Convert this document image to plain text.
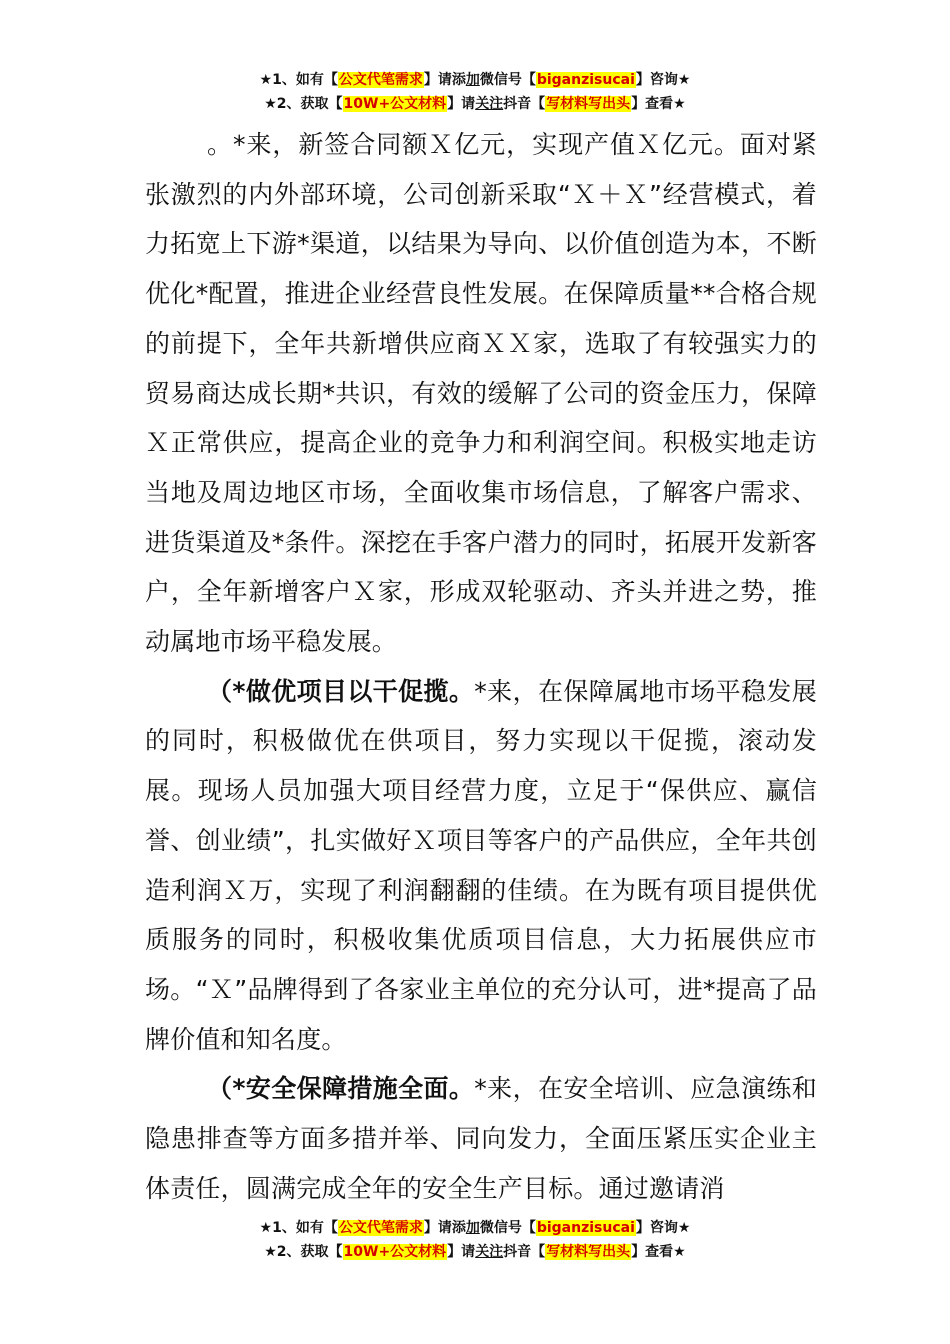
★1、如有【公文代笔需求】请添加微信号【biganzisucai】咨询★
★2、获取【10W+公文材料】请关注抖音【写材料写出头】查看★

。*来，新签合同额Ｘ亿元，实现产值Ｘ亿元。面对紧张激烈的内外部环境，公司创新采取“Ｘ＋Ｘ”经营模式，着力拓宽上下游*渠道，以结果为导向、以价值创造为本，不断优化*配置，推进企业经营良性发展。在保障质量**合格合规的前提下，全年共新增供应商ＸＸ家，选取了有较强实力的贸易商达成长期*共识，有效的缓解了公司的资金压力，保障Ｘ正常供应，提高企业的竞争力和利润空间。积极实地走访当地及周边地区市场，全面收集市场信息，了解客户需求、进货渠道及*条件。深挖在手客户潜力的同时，拓展开发新客户，全年新增客户Ｘ家，形成双轮驱动、齐头并进之势，推动属地市场平稳发展。

（*做优项目以干促揽。*来，在保障属地市场平稳发展的同时，积极做优在供项目，努力实现以干促揽，滚动发展。现场人员加强大项目经营力度，立足于“保供应、赢信誉、创业绩”，扎实做好Ｘ项目等客户的产品供应，全年共创造利润Ｘ万，实现了利润翻翻的佳绩。在为既有项目提供优质服务的同时，积极收集优质项目信息，大力拓展供应市场。“Ｘ”品牌得到了各家业主单位的充分认可，进*提高了品牌价值和知名度。

（*安全保障措施全面。*来，在安全培训、应急演练和隐患排查等方面多措并举、同向发力，全面压紧压实企业主体责任，圆满完成全年的安全生产目标。通过邀请消

★1、如有【公文代笔需求】请添加微信号【biganzisucai】咨询★
★2、获取【10W+公文材料】请关注抖音【写材料写出头】查看★
